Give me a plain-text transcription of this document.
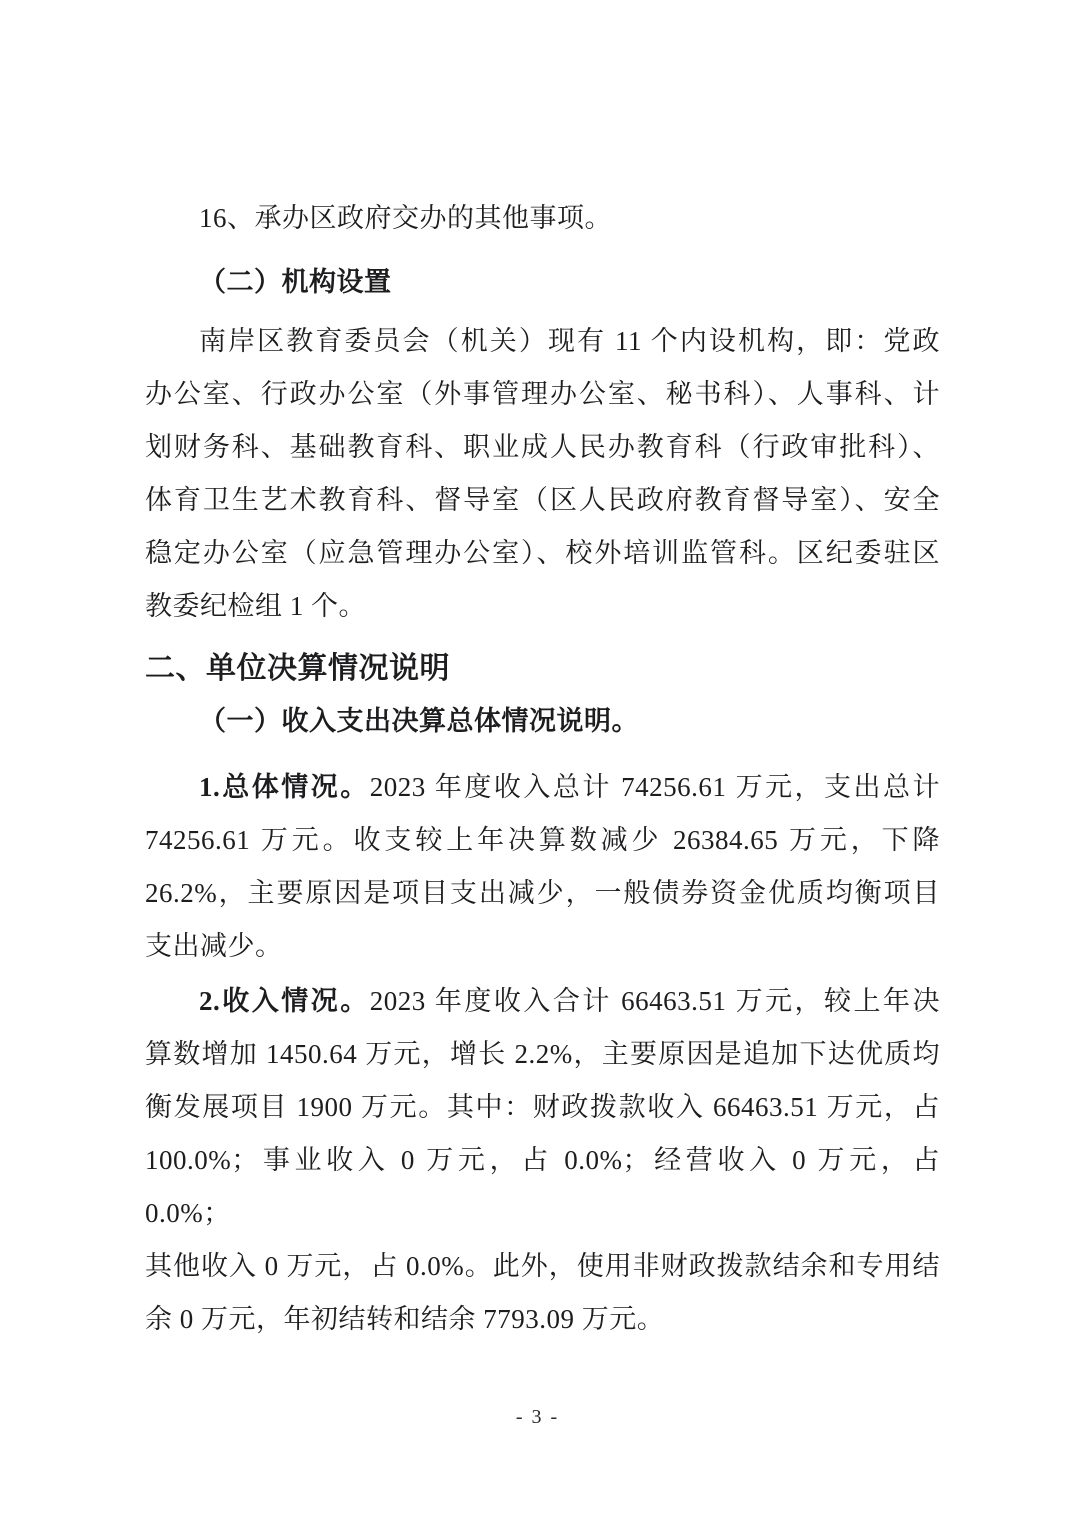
16、承办区政府交办的其他事项。
（二）机构设置
南岸区教育委员会（机关）现有 11 个内设机构，即：党政
办公室、行政办公室（外事管理办公室、秘书科）、人事科、计
划财务科、基础教育科、职业成人民办教育科（行政审批科）、
体育卫生艺术教育科、督导室（区人民政府教育督导室）、安全
稳定办公室（应急管理办公室）、校外培训监管科。区纪委驻区
教委纪检组 1 个。
二、单位决算情况说明
（一）收入支出决算总体情况说明。
1.总体情况。2023 年度收入总计 74256.61 万元，支出总计
74256.61 万元。收支较上年决算数减少 26384.65 万元，下降
26.2%，主要原因是项目支出减少，一般债券资金优质均衡项目
支出减少。
2.收入情况。2023 年度收入合计 66463.51 万元，较上年决
算数增加 1450.64 万元，增长 2.2%，主要原因是追加下达优质均
衡发展项目 1900 万元。其中：财政拨款收入 66463.51 万元，占
100.0%；事业收入 0 万元，占 0.0%；经营收入 0 万元，占 0.0%；
其他收入 0 万元，占 0.0%。此外，使用非财政拨款结余和专用结
余 0 万元，年初结转和结余 7793.09 万元。
- 3 -
